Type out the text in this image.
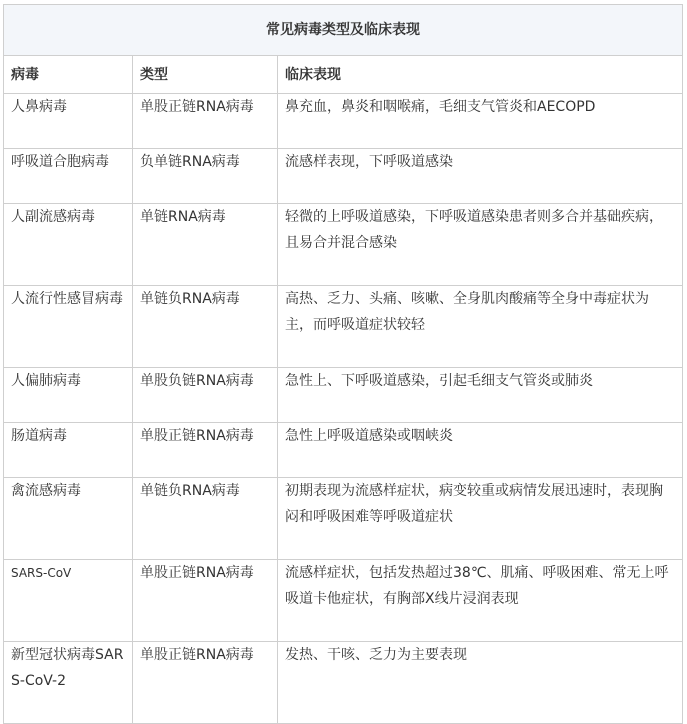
常见病毒类型及临床表现		
病毒	类型	临床表现
人鼻病毒	单股正链RNA病毒	鼻充血，鼻炎和咽喉痛，毛细支气管炎和AECOPD
呼吸道合胞病毒	负单链RNA病毒	流感样表现，下呼吸道感染
人副流感病毒	单链RNA病毒	轻微的上呼吸道感染，下呼吸道感染患者则多合并基础疾病，且易合并混合感染
人流行性感冒病毒	单链负RNA病毒	高热、乏力、头痛、咳嗽、全身肌肉酸痛等全身中毒症状为主，而呼吸道症状较轻
人偏肺病毒	单股负链RNA病毒	急性上、下呼吸道感染，引起毛细支气管炎或肺炎
肠道病毒	单股正链RNA病毒	急性上呼吸道感染或咽峡炎
禽流感病毒	单链负RNA病毒	初期表现为流感样症状，病变较重或病情发展迅速时，表现胸闷和呼吸困难等呼吸道症状
SARS-CoV	单股正链RNA病毒	流感样症状，包括发热超过38℃、肌痛、呼吸困难、常无上呼吸道卡他症状，有胸部X线片浸润表现
新型冠状病毒SARS-CoV-2	单股正链RNA病毒	发热、干咳、乏力为主要表现
